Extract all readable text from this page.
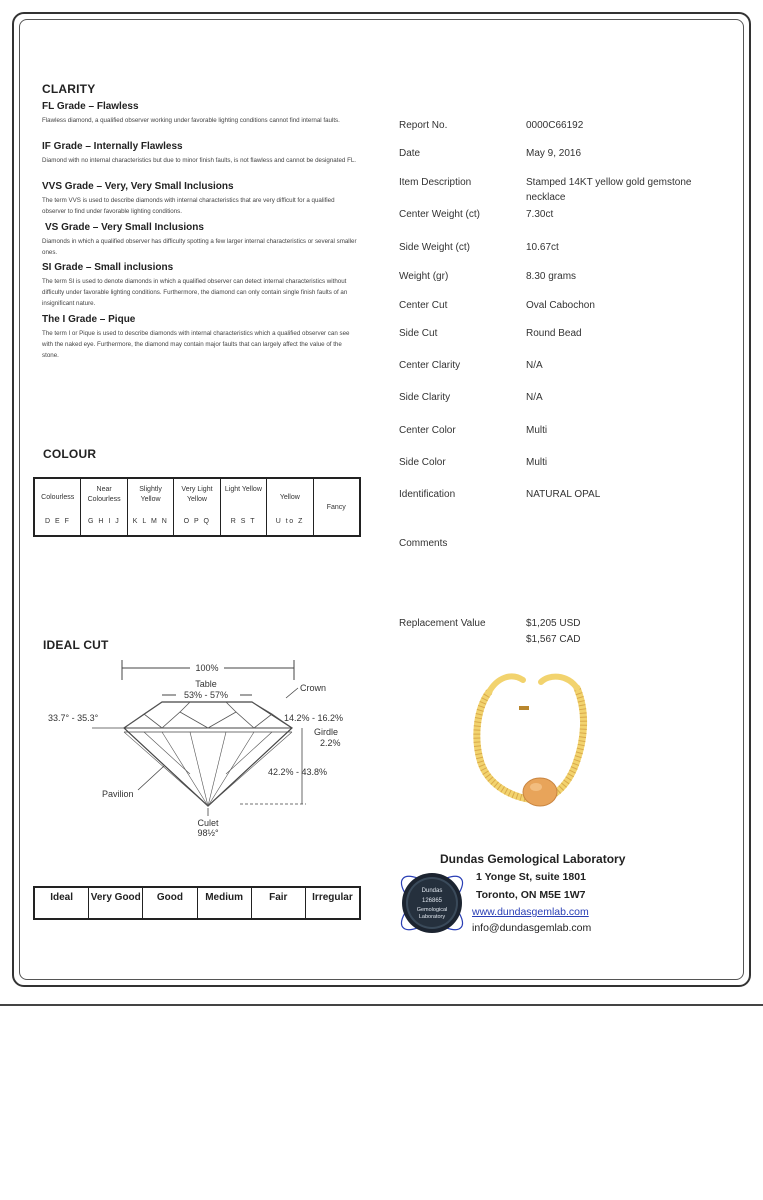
CLARITY
FL Grade – Flawless
Flawless diamond, a qualified observer working under favorable lighting conditions cannot find internal faults.
IF Grade – Internally Flawless
Diamond with no internal characteristics but due to minor finish faults, is not flawless and cannot be designated FL.
VVS Grade – Very, Very Small Inclusions
The term VVS is used to describe diamonds with internal characteristics that are very difficult for a qualified observer to find under favorable lighting conditions.
VS Grade – Very Small Inclusions
Diamonds in which a qualified observer has difficulty spotting a few larger internal characteristics or several smaller ones.
SI Grade – Small inclusions
The term SI is used to denote diamonds in which a qualified observer can detect internal characteristics without difficulty under favorable lighting conditions. Furthermore, the diamond can only contain single finish faults of an insignificant nature.
The I Grade – Pique
The term I or Pique is used to describe diamonds with internal characteristics which a qualified observer can see with the naked eye. Furthermore, the diamond may contain major faults that can largely affect the value of the stone.
COLOUR
Colourless
D E F
Near Colourless
G H I J
Slightly Yellow
K L M N
Very Light Yellow
O P Q
Light Yellow
R S T
Yellow
U to Z
Fancy
IDEAL CUT
100%
Table
53% - 57%
33.7° - 35.3°
Crown
14.2% - 16.2%
Girdle
2.2%
42.2% - 43.8%
Pavilion
Culet
98½°
Ideal	Very Good	Good	Medium	Fair	Irregular
Report No.	0000C66192
Date	May 9, 2016
Item Description	Stamped 14KT yellow gold gemstone necklace
Center Weight (ct)	7.30ct
Side Weight (ct)	10.67ct
Weight (gr)	8.30 grams
Center Cut	Oval Cabochon
Side Cut	Round Bead
Center Clarity	N/A
Side Clarity	N/A
Center Color	Multi
Side Color	Multi
Identification	NATURAL OPAL
Comments
Replacement Value	$1,205 USD
$1,567 CAD
Dundas
126865
Gemological
Laboratory
Dundas Gemological Laboratory
1 Yonge St, suite 1801
Toronto, ON M5E 1W7
www.dundasgemlab.com
info@dundasgemlab.com
